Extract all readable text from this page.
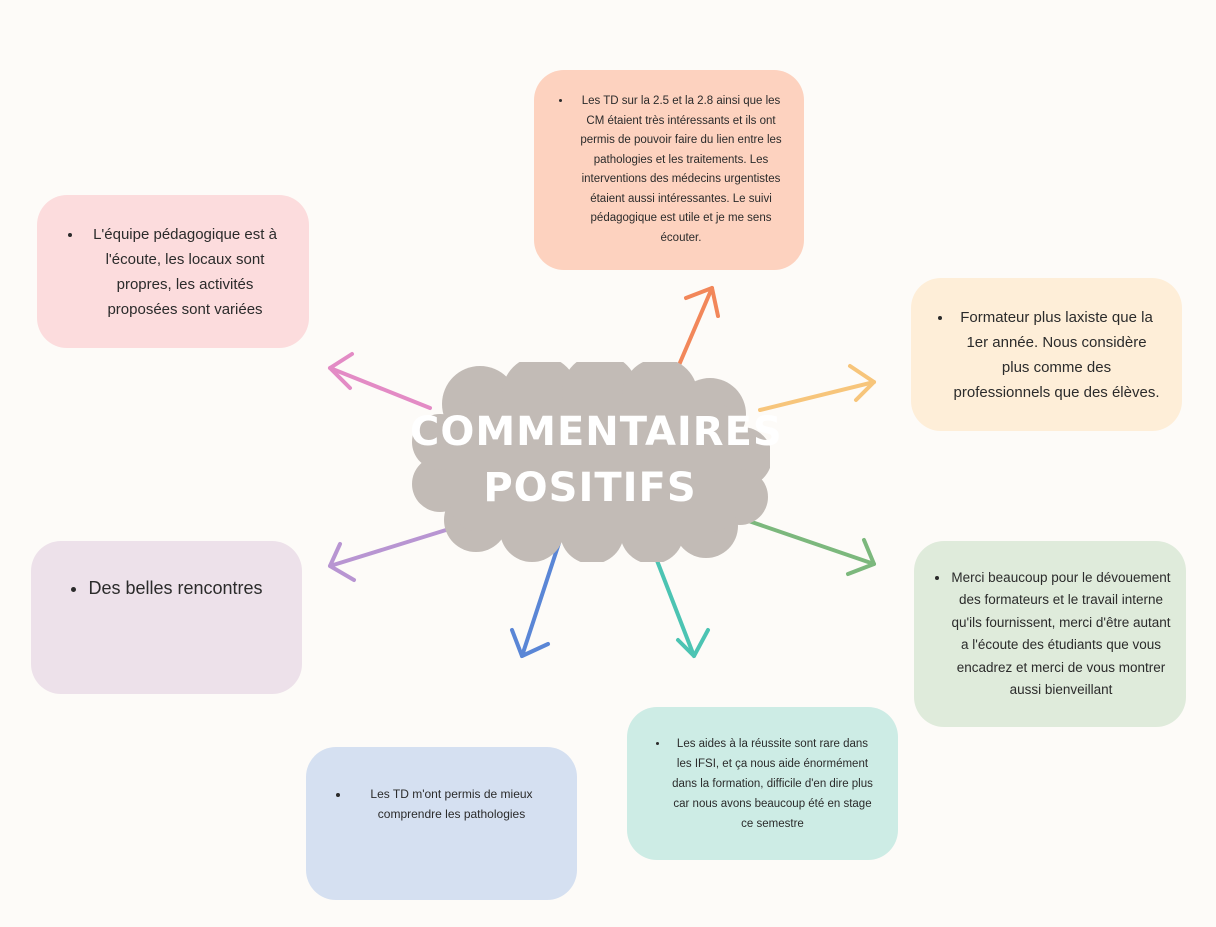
• L'équipe pédagogique est à l'écoute, les locaux sont propres, les activités proposées sont variées
• Les TD sur la 2.5 et la 2.8 ainsi que les CM étaient très intéressants et ils ont permis de pouvoir faire du lien entre les pathologies et les traitements. Les interventions des médecins urgentistes étaient aussi intéressantes. Le suivi pédagogique est utile et je me sens écouter.
• Formateur plus laxiste que la 1er année. Nous considère plus comme des professionnels que des élèves.
• Merci beaucoup pour le dévouement des formateurs et le travail interne qu'ils fournissent, merci d'être autant a l'écoute des étudiants que vous encadrez et merci de vous montrer aussi bienveillant
• Les aides à la réussite sont rare dans les IFSI, et ça nous aide énormément dans la formation, difficile d'en dire plus car nous avons beaucoup été en stage ce semestre
• Les TD m'ont permis de mieux comprendre les pathologies
• Des belles rencontres
COMMENTAIRES
POSITIFS
